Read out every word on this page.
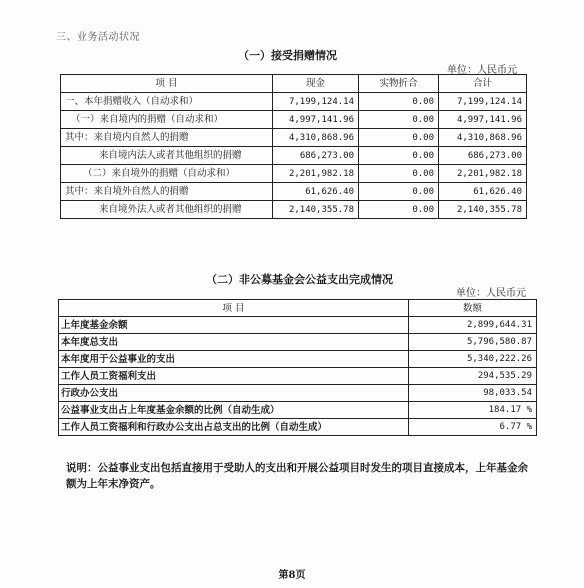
三、业务活动状况
（一）接受捐赠情况
单位：人民币元
项 目	现金	实物折合	合计
一、本年捐赠收入（自动求和）	7,199,124.14	0.00	7,199,124.14
（一）来自境内的捐赠（自动求和）	4,997,141.96	0.00	4,997,141.96
其中：来自境内自然人的捐赠	4,310,868.96	0.00	4,310,868.96
来自境内法人或者其他组织的捐赠	686,273.00	0.00	686,273.00
（二）来自境外的捐赠（自动求和）	2,201,982.18	0.00	2,201,982.18
其中：来自境外自然人的捐赠	61,626.40	0.00	61,626.40
来自境外法人或者其他组织的捐赠	2,140,355.78	0.00	2,140,355.78
（二）非公募基金会公益支出完成情况
单位：人民币元
项 目	数额
上年度基金余额	2,899,644.31
本年度总支出	5,796,580.87
本年度用于公益事业的支出	5,340,222.26
工作人员工资福利支出	294,535.29
行政办公支出	98,033.54
公益事业支出占上年度基金余额的比例（自动生成）	184.17 %
工作人员工资福利和行政办公支出占总支出的比例（自动生成）	6.77 %
说明：公益事业支出包括直接用于受助人的支出和开展公益项目时发生的项目直接成本，上年基金余额为上年末净资产。
第8页
